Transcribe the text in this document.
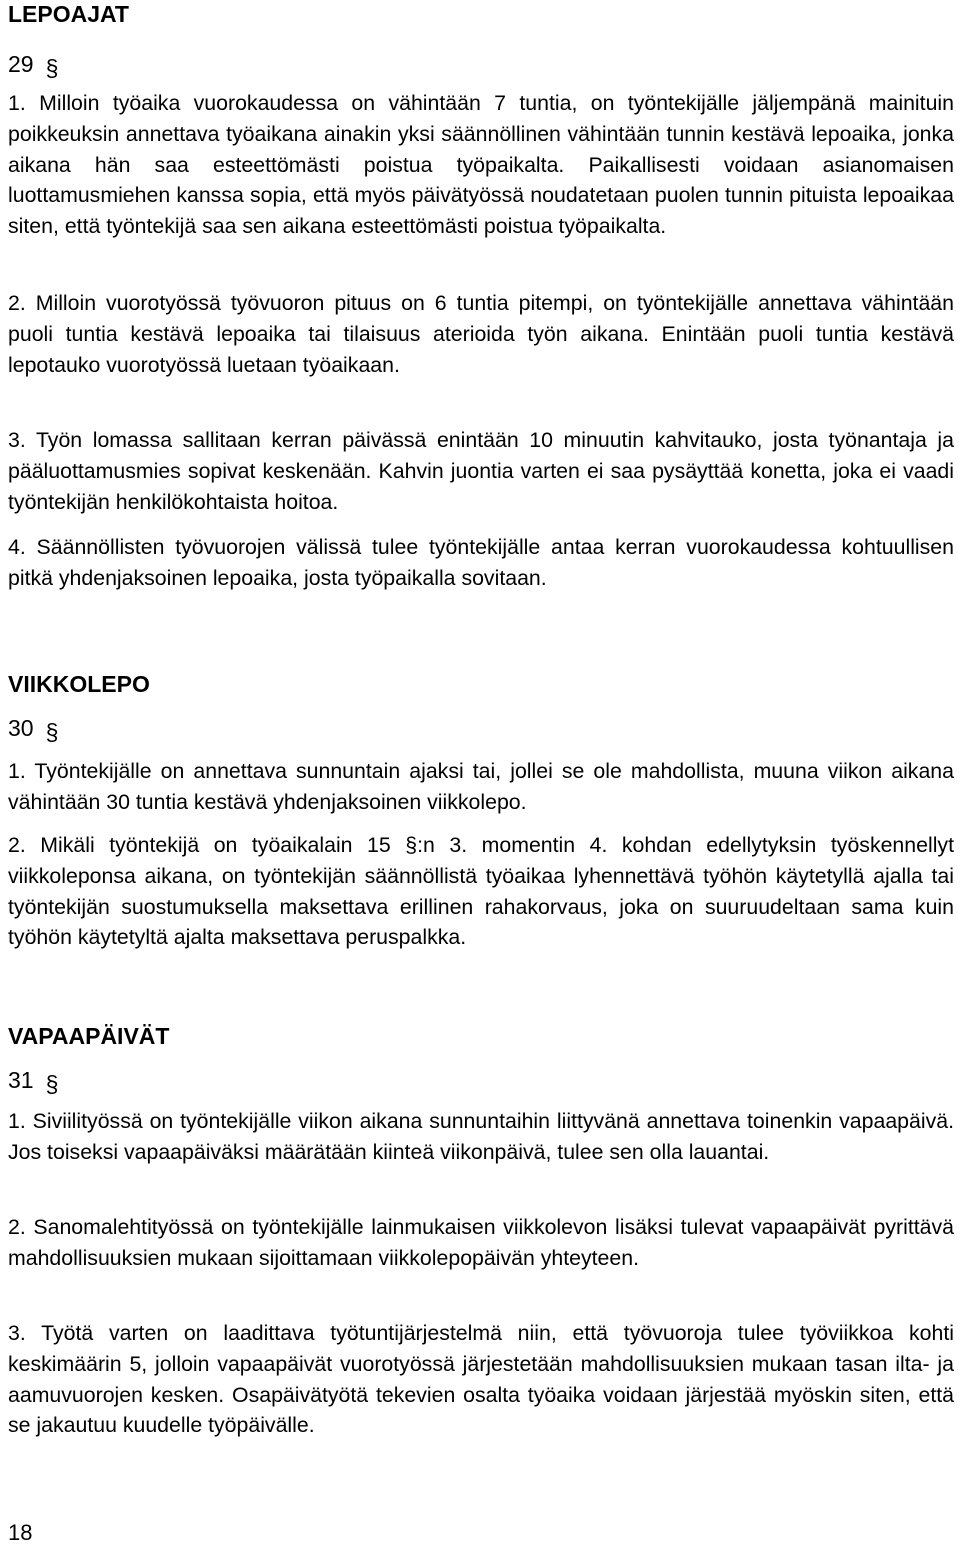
LEPOAJAT
29 §

1. Milloin työaika vuorokaudessa on vähintään 7 tuntia, on työntekijälle jäljempänä mainituin poikkeuksin annettava työaikana ainakin yksi säännöllinen vähintään tunnin kestävä lepoaika, jonka aikana hän saa esteettömästi poistua työpaikalta. Paikallisesti voidaan asianomaisen luottamusmiehen kanssa sopia, että myös päivätyössä noudatetaan puolen tunnin pituista lepoaikaa siten, että työntekijä saa sen aikana esteettömästi poistua työpaikalta.

2. Milloin vuorotyössä työvuoron pituus on 6 tuntia pitempi, on työntekijälle annettava vähintään puoli tuntia kestävä lepoaika tai tilaisuus aterioida työn aikana. Enintään puoli tuntia kestävä lepotauko vuorotyössä luetaan työaikaan.

3. Työn lomassa sallitaan kerran päivässä enintään 10 minuutin kahvitauko, josta työnantaja ja pääluottamusmies sopivat keskenään. Kahvin juontia varten ei saa pysäyttää konetta, joka ei vaadi työntekijän henkilökohtaista hoitoa.

4. Säännöllisten työvuorojen välissä tulee työntekijälle antaa kerran vuorokaudessa kohtuullisen pitkä yhdenjaksoinen lepoaika, josta työpaikalla sovitaan.

VIIKKOLEPO
30 §

1. Työntekijälle on annettava sunnuntain ajaksi tai, jollei se ole mahdollista, muuna viikon aikana vähintään 30 tuntia kestävä yhdenjaksoinen viikkolepo.

2. Mikäli työntekijä on työaikalain 15 §:n 3. momentin 4. kohdan edellytyksin työskennellyt viikkoleponsa aikana, on työntekijän säännöllistä työaikaa lyhennettävä työhön käytetyllä ajalla tai työntekijän suostumuksella maksettava erillinen rahakorvaus, joka on suuruudeltaan sama kuin työhön käytetyltä ajalta maksettava peruspalkka.

VAPAAPÄIVÄT
31 §

1. Siviilityössä on työntekijälle viikon aikana sunnuntaihin liittyvänä annettava toinenkin vapaapäivä. Jos toiseksi vapaapäiväksi määrätään kiinteä viikonpäivä, tulee sen olla lauantai.

2. Sanomalehtityössä on työntekijälle lainmukaisen viikkolevon lisäksi tulevat vapaapäivät pyrittävä mahdollisuuksien mukaan sijoittamaan viikkolepopäivän yhteyteen.

3. Työtä varten on laadittava työtuntijärjestelmä niin, että työvuoroja tulee työviikkoa kohti keskimäärin 5, jolloin vapaapäivät vuorotyössä järjestetään mahdollisuuksien mukaan tasan ilta- ja aamuvuorojen kesken. Osapäivätyötä tekevien osalta työaika voidaan järjestää myöskin siten, että se jakautuu kuudelle työpäivälle.

18
